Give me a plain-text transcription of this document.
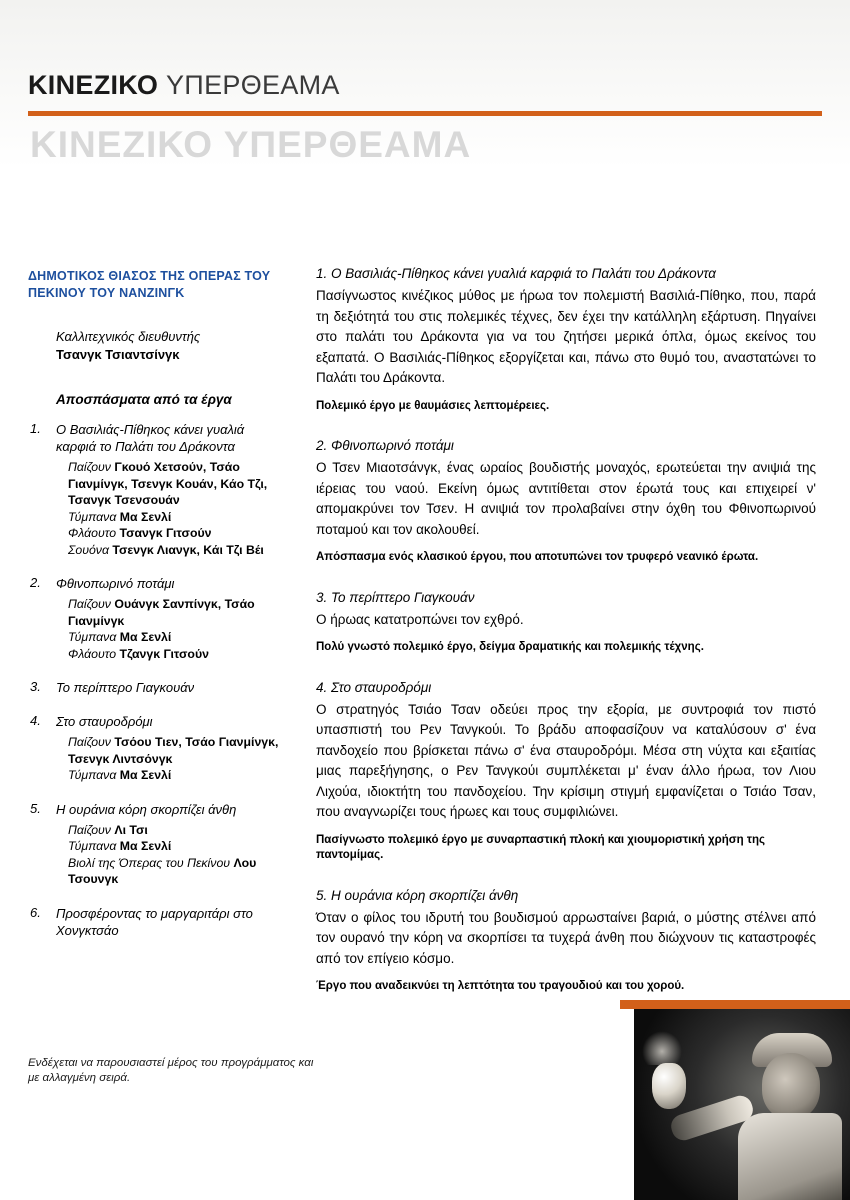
ΚΙΝΕΖΙΚΟ ΥΠΕΡΘΕΑΜΑ
ΚΙΝΕΖΙΚΟ ΥΠΕΡΘΕΑΜΑ
ΔΗΜΟΤΙΚΟΣ ΘΙΑΣΟΣ ΤΗΣ ΟΠΕΡΑΣ ΤΟΥ ΠΕΚΙΝΟΥ ΤΟΥ ΝΑΝΖΙΝΓΚ
Καλλιτεχνικός διευθυντής
Τσανγκ Τσιαντσίνγκ
Αποσπάσματα από τα έργα
1. Ο Βασιλιάς-Πίθηκος κάνει γυαλιά καρφιά το Παλάτι του Δράκοντα
Παίζουν Γκουό Χετσούν, Τσάο Γιανμίνγκ, Τσενγκ Κουάν, Κάο Τζι, Τσανγκ Τσενσουάν
Τύμπανα Μα Σενλί
Φλάουτο Τσανγκ Γιτσούν
Σουόνα Τσενγκ Λιανγκ, Κάι Τζι Βέι
2. Φθινοπωρινό ποτάμι
Παίζουν Ουάνγκ Σανπίνγκ, Τσάο Γιανμίνγκ
Τύμπανα Μα Σενλί
Φλάουτο Τζανγκ Γιτσούν
3. Το περίπτερο Γιαγκουάν
4. Στο σταυροδρόμι
Παίζουν Τσόου Τιεν, Τσάο Γιανμίνγκ, Τσενγκ Λιντσόνγκ
Τύμπανα Μα Σενλί
5. Η ουράνια κόρη σκορπίζει άνθη
Παίζουν Λι Τσι
Τύμπανα Μα Σενλί
Βιολί της Όπερας του Πεκίνου Λου Τσουνγκ
6. Προσφέροντας το μαργαριτάρι στο Χονγκτσάο
Ενδέχεται να παρουσιαστεί μέρος του προγράμματος και με αλλαγμένη σειρά.
1. Ο Βασιλιάς-Πίθηκος κάνει γυαλιά καρφιά το Παλάτι του Δράκοντα
Πασίγνωστος κινέζικος μύθος με ήρωα τον πολεμιστή Βασιλιά-Πίθηκο, που, παρά τη δεξιότητά του στις πολεμικές τέχνες, δεν έχει την κατάλληλη εξάρτυση. Πηγαίνει στο παλάτι του Δράκοντα για να του ζητήσει μερικά όπλα, όμως εκείνος του εξαπατά. Ο Βασιλιάς-Πίθηκος εξοργίζεται και, πάνω στο θυμό του, αναστατώνει το Παλάτι του Δράκοντα.
Πολεμικό έργο με θαυμάσιες λεπτομέρειες.
2. Φθινοπωρινό ποτάμι
Ο Τσεν Μιαοτσάνγκ, ένας ωραίος βουδιστής μοναχός, ερωτεύεται την ανιψιά της ιέρειας του ναού. Εκείνη όμως αντιτίθεται στον έρωτά τους και επιχειρεί ν' απομακρύνει τον Τσεν. Η ανιψιά τον προλαβαίνει στην όχθη του Φθινοπωρινού ποταμού και τον ακολουθεί.
Απόσπασμα ενός κλασικού έργου, που αποτυπώνει τον τρυφερό νεανικό έρωτα.
3. Το περίπτερο Γιαγκουάν
Ο ήρωας κατατροπώνει τον εχθρό.
Πολύ γνωστό πολεμικό έργο, δείγμα δραματικής και πολεμικής τέχνης.
4. Στο σταυροδρόμι
Ο στρατηγός Τσιάο Τσαν οδεύει προς την εξορία, με συντροφιά τον πιστό υπασπιστή του Ρεν Τανγκούι. Το βράδυ αποφασίζουν να καταλύσουν σ' ένα πανδοχείο που βρίσκεται πάνω σ' ένα σταυροδρόμι. Μέσα στη νύχτα και εξαιτίας μιας παρεξήγησης, ο Ρεν Τανγκούι συμπλέκεται μ' έναν άλλο ήρωα, τον Λιου Λιχούα, ιδιοκτήτη του πανδοχείου. Την κρίσιμη στιγμή εμφανίζεται ο Τσιάο Τσαν, που αναγνωρίζει τους ήρωες και τους συμφιλιώνει.
Πασίγνωστο πολεμικό έργο με συναρπαστική πλοκή και χιουμοριστική χρήση της παντομίμας.
5. Η ουράνια κόρη σκορπίζει άνθη
Όταν ο φίλος του ιδρυτή του βουδισμού αρρωσταίνει βαριά, ο μύστης στέλνει από τον ουρανό την κόρη να σκορπίσει τα τυχερά άνθη που διώχνουν τις καταστροφές από τον επίγειο κόσμο.
Έργο που αναδεικνύει τη λεπτότητα του τραγουδιού και του χορού.
